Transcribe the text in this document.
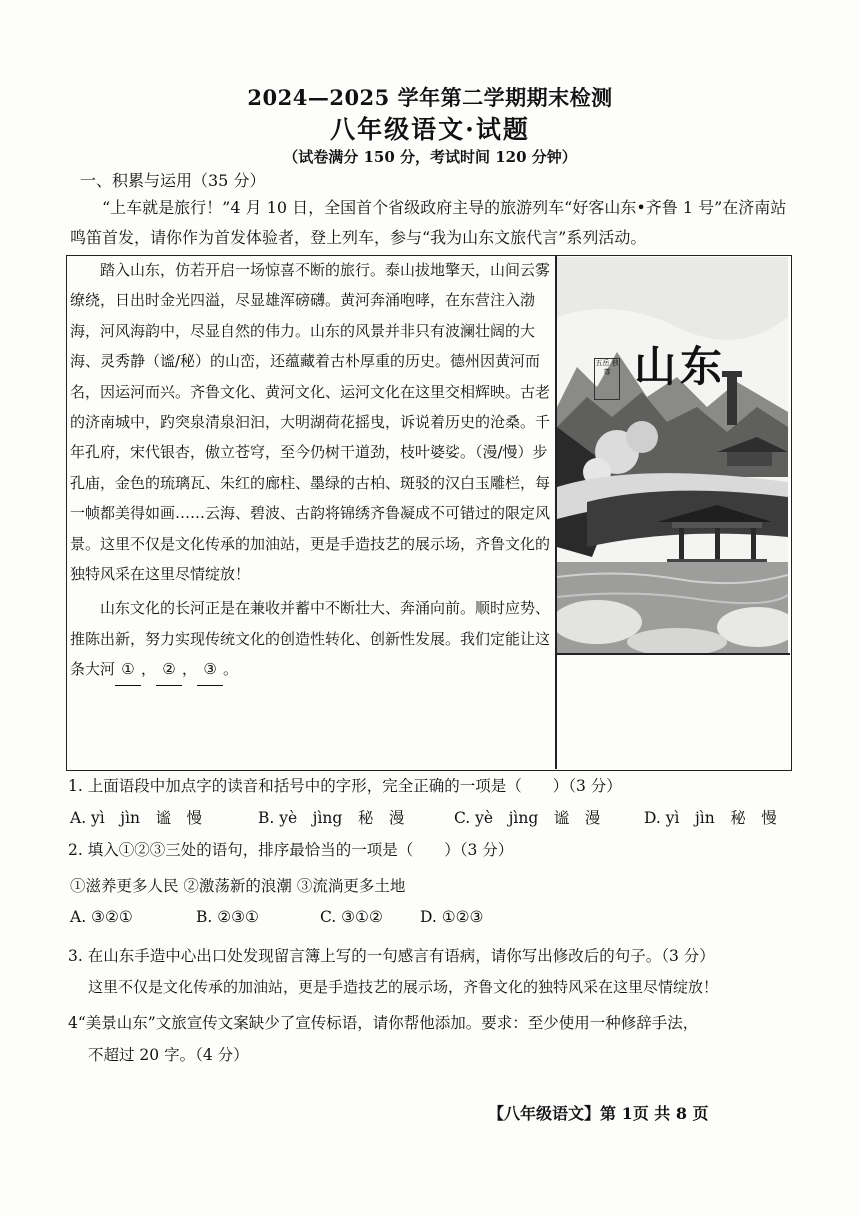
2024—2025 学年第二学期期末检测
八年级语文·试题
（试卷满分 150 分，考试时间 120 分钟）
一、积累与运用（35 分）
“上车就是旅行！”4 月 10 日，全国首个省级政府主导的旅游列车“好客山东•齐鲁 1 号”在济南站鸣笛首发，请你作为首发体验者，登上列车，参与“我为山东文旅代言”系列活动。

踏入山东，仿若开启一场惊喜不断的旅行。泰山拔地擎天，山间云雾缭绕，日出时金光四溢，尽显雄浑磅礴。黄河奔涌咆哮，在东营注入渤海，河风海韵中，尽显自然的伟力。山东的风景并非只有波澜壮阔的大海、灵秀静（谧/秘）的山峦，还蕴藏着古朴厚重的历史。德州因黄河而名，因运河而兴。齐鲁文化、黄河文化、运河文化在这里交相辉映。古老的济南城中，趵突泉清泉汩汩，大明湖荷花摇曳，诉说着历史的沧桑。千年孔府，宋代银杏，傲立苍穹，至今仍树干道劲，枝叶婆娑。（漫/慢）步孔庙，金色的琉璃瓦、朱红的廊柱、墨绿的古柏、斑驳的汉白玉雕栏，每一帧都美得如画……云海、碧波、古韵将锦绣齐鲁凝成不可错过的限定风景。这里不仅是文化传承的加油站，更是手造技艺的展示场，齐鲁文化的独特风采在这里尽情绽放！

山东文化的长河正是在兼收并蓄中不断壮大、奔涌向前。顺时应势、推陈出新，努力实现传统文化的创造性转化、创新性发展。我们定能让这条大河 ① ， ② ， ③ 。

山东
五岳 独尊
1. 上面语段中加点字的读音和括号中的字形，完全正确的一项是（　　）（3 分）
A. yì　jìn　谧　慢	B. yè　jìng　秘　漫	C. yè　jìng　谧　漫	D. yì　jìn　秘　慢
2. 填入①②③三处的语句，排序最恰当的一项是（　　）（3 分）
①滋养更多人民 ②激荡新的浪潮 ③流淌更多土地
A. ③②①	B. ②③①	C. ③①② D. ①②③
3. 在山东手造中心出口处发现留言簿上写的一句感言有语病，请你写出修改后的句子。（3 分）
这里不仅是文化传承的加油站，更是手造技艺的展示场，齐鲁文化的独特风采在这里尽情绽放！
4“美景山东”文旅宣传文案缺少了宣传标语，请你帮他添加。要求：至少使用一种修辞手法，
不超过 20 字。（4 分）
【八年级语文】第 1页 共 8 页
